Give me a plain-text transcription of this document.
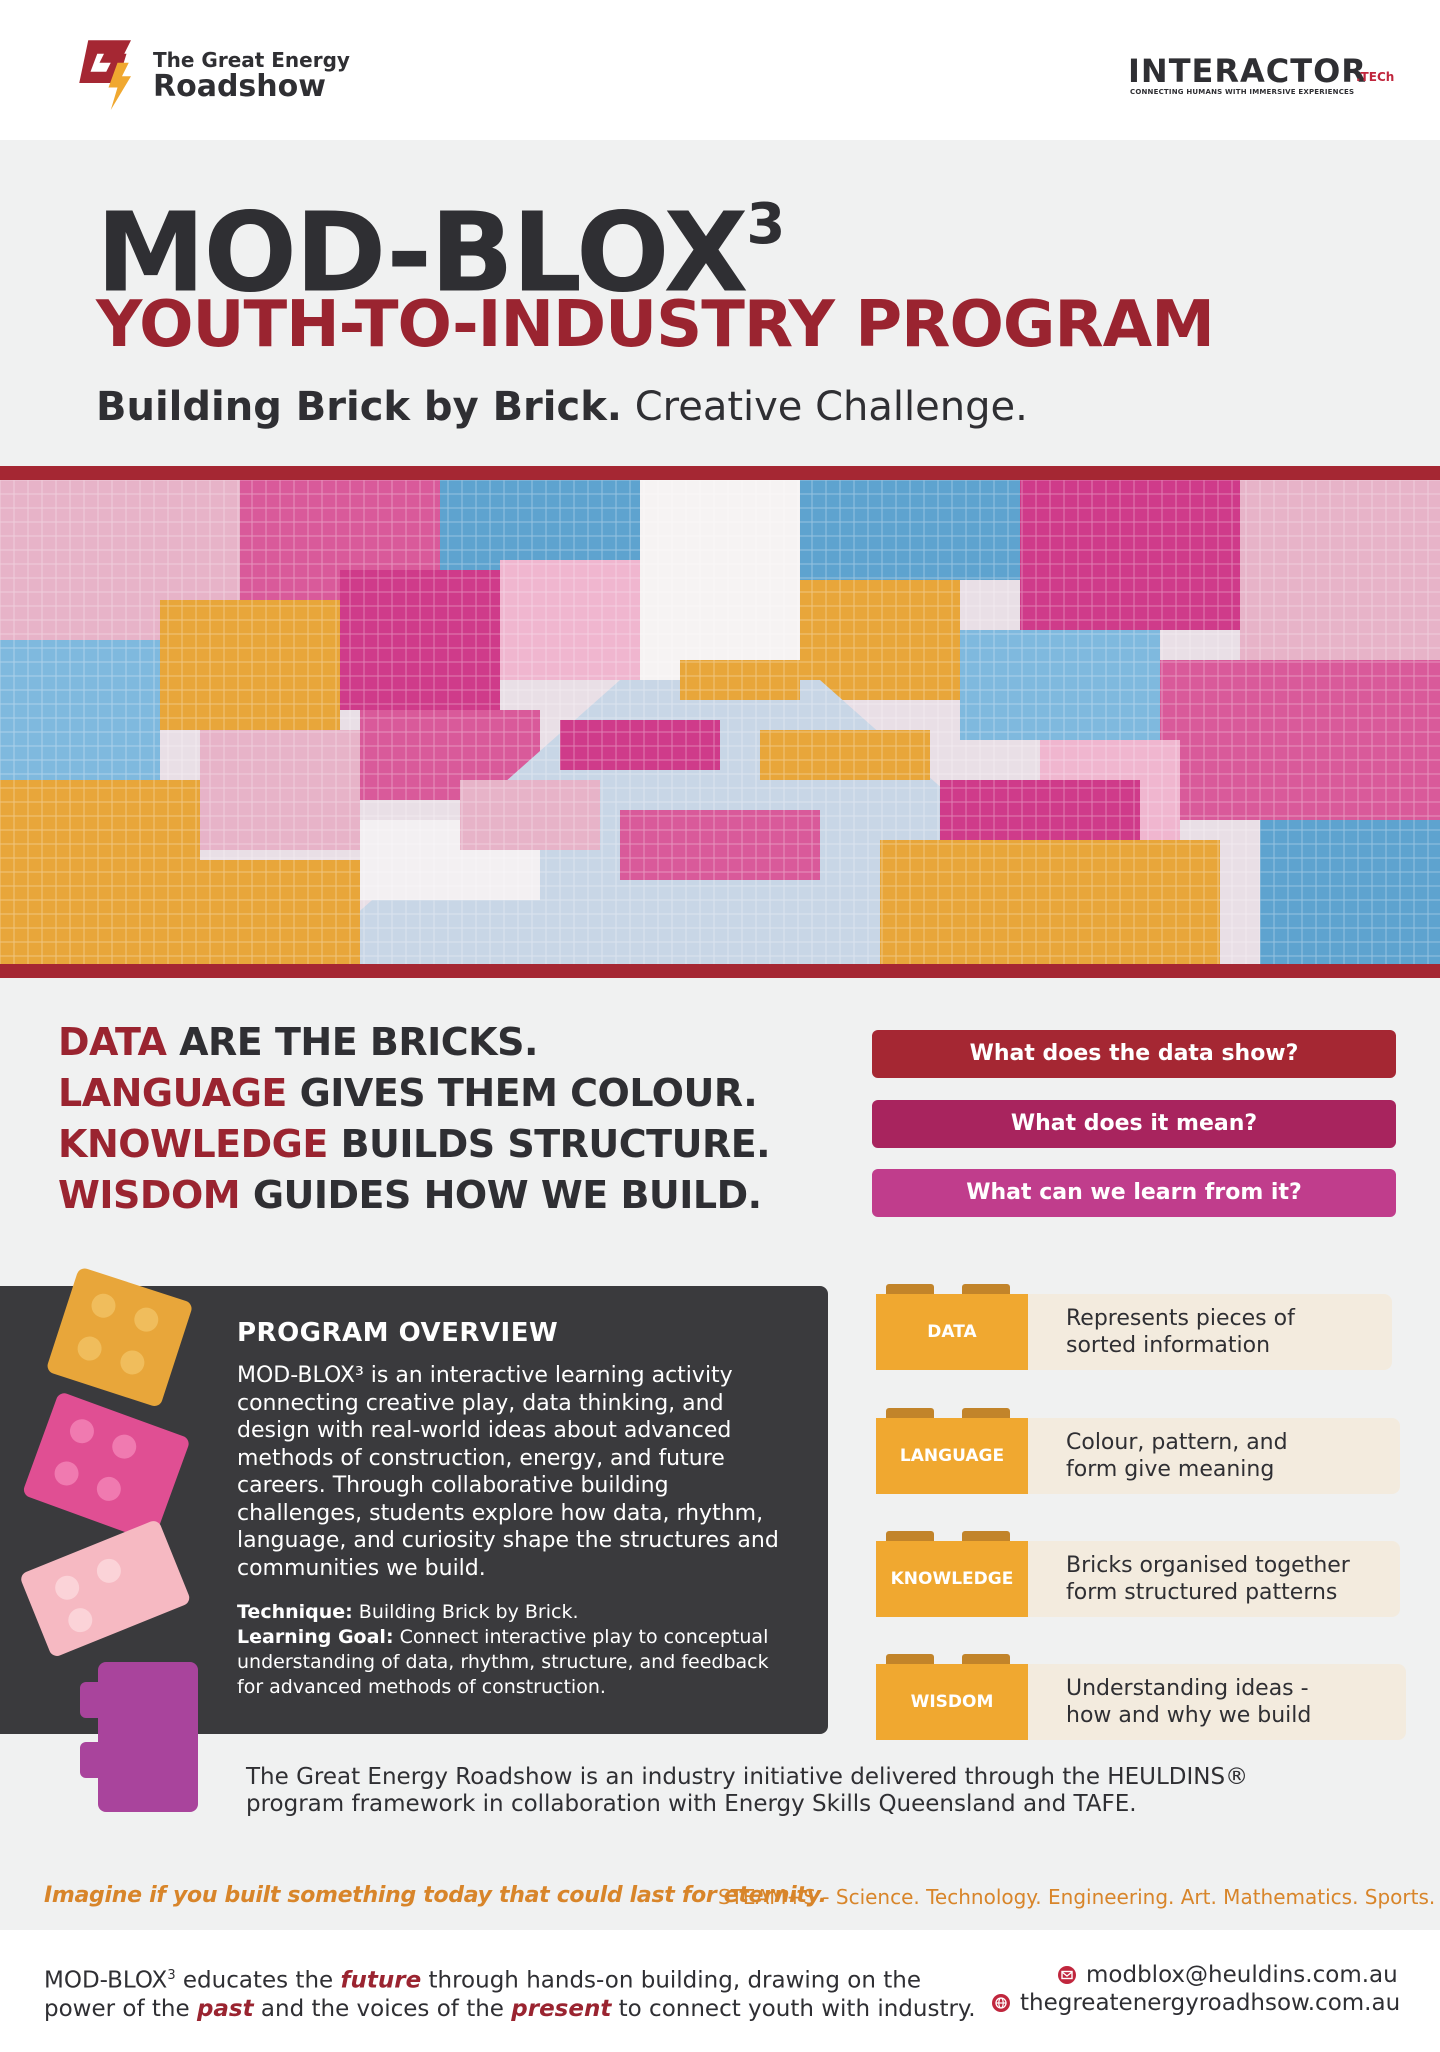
The Great Energy
Roadshow	INTERACTOR
.TECh
CONNECTING HUMANS WITH IMMERSIVE EXPERIENCES
MOD-BLOX$^3$
YOUTH-TO-INDUSTRY PROGRAM
Building Brick by Brick. Creative Challenge.
DATA ARE THE BRICKS.
LANGUAGE GIVES THEM COLOUR.
KNOWLEDGE BUILDS STRUCTURE.
WISDOM GUIDES HOW WE BUILD.
What does the data show?
What does it mean?
What can we learn from it?
PROGRAM OVERVIEW
MOD-BLOX³ is an interactive learning activity connecting creative play, data thinking, and design with real-world ideas about advanced methods of construction, energy, and future careers. Through collaborative building challenges, students explore how data, rhythm, language, and curiosity shape the structures and communities we build.
Technique: Building Brick by Brick.
Learning Goal: Connect interactive play to conceptual understanding of data, rhythm, structure, and feedback for advanced methods of construction.
DATA
Represents pieces of
sorted information
LANGUAGE
Colour, pattern, and
form give meaning
KNOWLEDGE
Bricks organised together
form structured patterns
WISDOM
Understanding ideas -
how and why we build
The Great Energy Roadshow is an industry initiative delivered through the HEULDINS® program framework in collaboration with Energy Skills Queensland and TAFE.
Imagine if you built something today that could last for eternity.
STEAM+S - Science. Technology. Engineering. Art. Mathematics. Sports.
MOD-BLOX$^3$ educates the future through hands-on building, drawing on the power of the past and the voices of the present to connect youth with industry.
modblox@heuldins.com.au
thegreatenergyroadhsow.com.au
